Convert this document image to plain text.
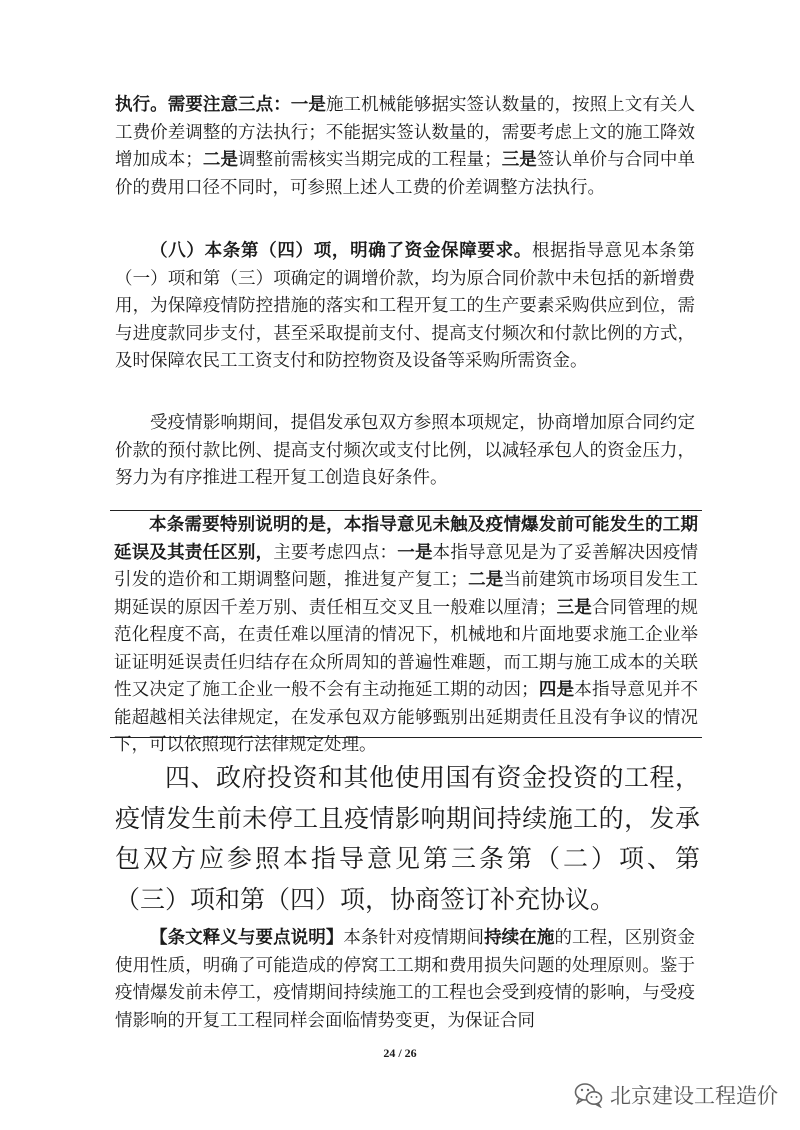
执行。需要注意三点：一是施工机械能够据实签认数量的，按照上文有关人工费价差调整的方法执行；不能据实签认数量的，需要考虑上文的施工降效增加成本；二是调整前需核实当期完成的工程量；三是签认单价与合同中单价的费用口径不同时，可参照上述人工费的价差调整方法执行。

（八）本条第（四）项，明确了资金保障要求。根据指导意见本条第（一）项和第（三）项确定的调增价款，均为原合同价款中未包括的新增费用，为保障疫情防控措施的落实和工程开复工的生产要素采购供应到位，需与进度款同步支付，甚至采取提前支付、提高支付频次和付款比例的方式，及时保障农民工工资支付和防控物资及设备等采购所需资金。

受疫情影响期间，提倡发承包双方参照本项规定，协商增加原合同约定价款的预付款比例、提高支付频次或支付比例，以减轻承包人的资金压力，努力为有序推进工程开复工创造良好条件。

本条需要特别说明的是，本指导意见未触及疫情爆发前可能发生的工期延误及其责任区别，主要考虑四点：一是本指导意见是为了妥善解决因疫情引发的造价和工期调整问题，推进复产复工；二是当前建筑市场项目发生工期延误的原因千差万别、责任相互交叉且一般难以厘清；三是合同管理的规范化程度不高，在责任难以厘清的情况下，机械地和片面地要求施工企业举证证明延误责任归结存在众所周知的普遍性难题，而工期与施工成本的关联性又决定了施工企业一般不会有主动拖延工期的动因；四是本指导意见并不能超越相关法律规定，在发承包双方能够甄别出延期责任且没有争议的情况下，可以依照现行法律规定处理。

四、政府投资和其他使用国有资金投资的工程，疫情发生前未停工且疫情影响期间持续施工的，发承包双方应参照本指导意见第三条第（二）项、第（三）项和第（四）项，协商签订补充协议。

【条文释义与要点说明】本条针对疫情期间持续在施的工程，区别资金使用性质，明确了可能造成的停窝工工期和费用损失问题的处理原则。鉴于疫情爆发前未停工，疫情期间持续施工的工程也会受到疫情的影响，与受疫情影响的开复工工程同样会面临情势变更，为保证合同

24 / 26
北京建设工程造价
